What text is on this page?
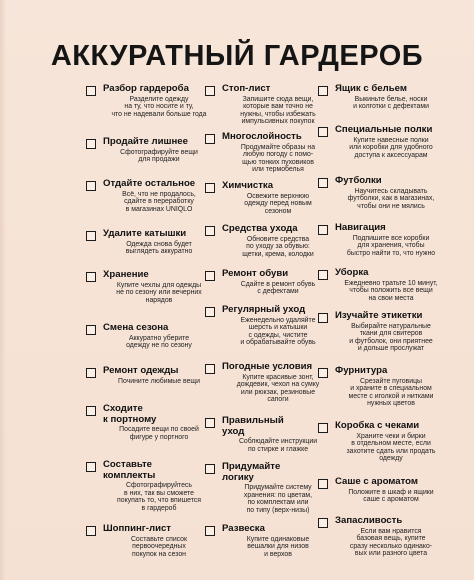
АККУРАТНЫЙ ГАРДЕРОБ
Разбор гардероба
Разделите одежду
на ту, что носите и ту,
что не надевали больше года
Продайте лишнее
Сфотографируйте вещи
для продажи
Отдайте остальное
Всё, что не продалось,
сдайте в переработку
в магазинах UNIQLO
Удалите катышки
Одежда снова будет
выглядеть аккуратно
Хранение
Купите чехлы для одежды
не по сезону или вечерних
нарядов
Смена сезона
Аккуратно уберите
одежду не по сезону
Ремонт одежды
Почините любимые вещи
Сходите
к портному
Посадите вещи по своей
фигуре у портного
Составьте
комплекты
Сфотографируйтесь
в них, так вы сможете
покупать то, что впишется
в гардероб
Шоппинг-лист
Составьте список
первоочередных
покупок на сезон
Стоп-лист
Запишите сюда вещи,
которые вам точно не
нужны, чтобы избежать
импульсивных покупок
Многослойность
Продумайте образы на
любую погоду с помо-
щью тонких пуховиков
или термобелья
Химчистка
Освежите верхнюю
одежду перед новым
сезоном
Средства ухода
Обновите средства
по уходу за обувью:
щетки, крема, колодки
Ремонт обуви
Сдайте в ремонт обувь
с дефектами
Регулярный уход
Еженедельно удаляйте
шерсть и катышки
с одежды, чистите
и обрабатывайте обувь
Погодные условия
Купите красивые зонт,
дождевик, чехол на сумку
или рюкзак, резиновые
сапоги
Правильный
уход
Соблюдайте инструкции
по стирке и глажке
Придумайте
логику
Придумайте систему
хранения: по цветам,
по комплектам или
по типу (верх-низы)
Развеска
Купите одинаковые
вешалки для низов
и верхов
Ящик с бельем
Выкиньте белье, носки
и колготки с дефектами
Специальные полки
Купите навесные полки
или коробки для удобного
доступа к аксессуарам
Футболки
Научитесь складывать
футболки, как в магазинах,
чтобы они не мялись
Навигация
Подпишите все коробки
для хранения, чтобы
быстро найти то, что нужно
Уборка
Ежедневно тратьте 10 минут,
чтобы положить все вещи
на свои места
Изучайте этикетки
Выбирайте натуральные
ткани для свитеров
и футболок, они приятнее
и дольше прослужат
Фурнитура
Срезайте пуговицы
и храните в специальном
месте с иголкой и нитками
нужных цветов
Коробка с чеками
Храните чеки и бирки
в отдельном месте, если
захотите сдать или продать
одежду
Саше с ароматом
Положите в шкаф и ящики
саше с ароматом
Запасливость
Если вам нравится
базовая вещь, купите
сразу несколько одинако-
вых или разного цвета
